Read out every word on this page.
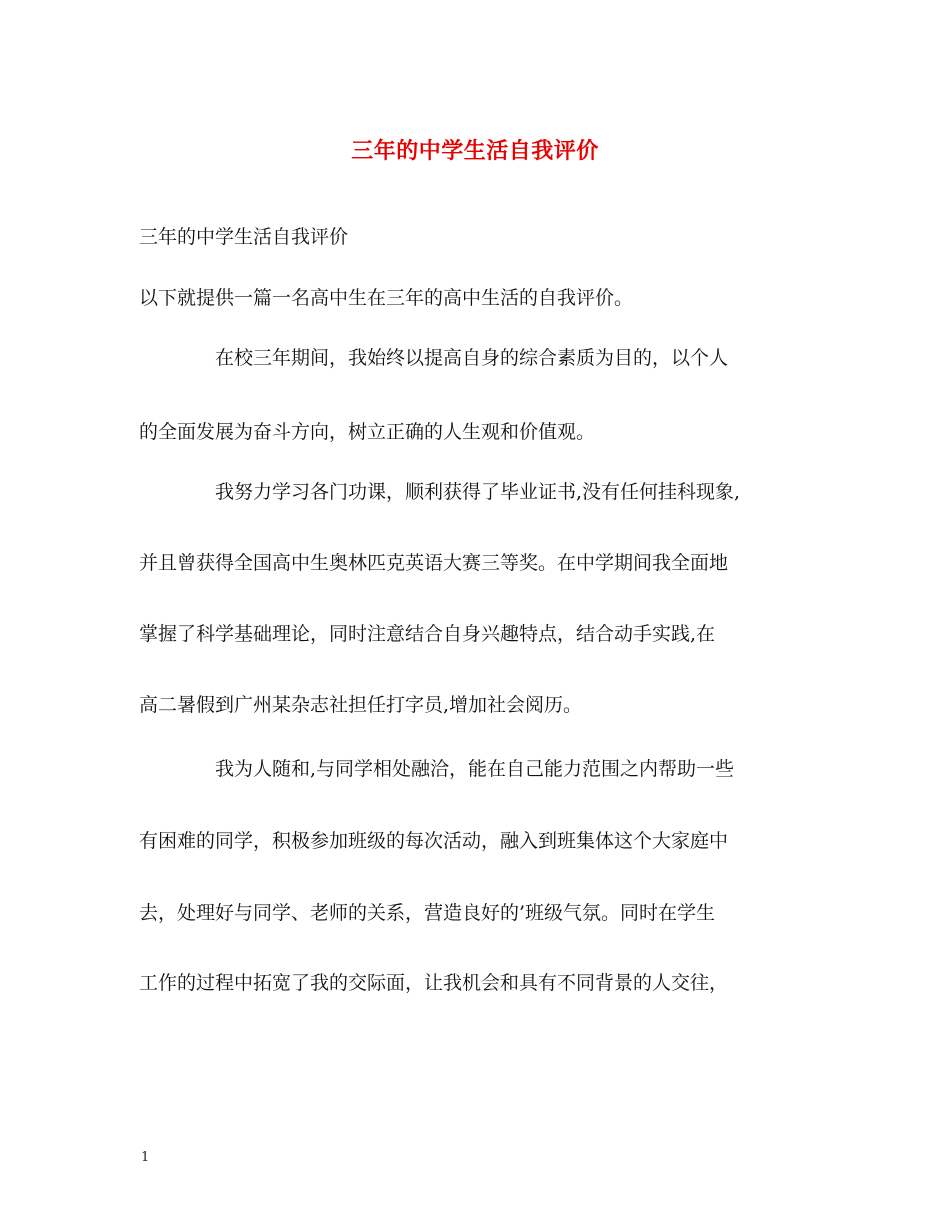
三年的中学生活自我评价
三年的中学生活自我评价
以下就提供一篇一名高中生在三年的高中生活的自我评价。
在校三年期间，我始终以提高自身的综合素质为目的，以个人
的全面发展为奋斗方向，树立正确的人生观和价值观。
我努力学习各门功课，顺利获得了毕业证书,没有任何挂科现象,
并且曾获得全国高中生奥林匹克英语大赛三等奖。在中学期间我全面地
掌握了科学基础理论，同时注意结合自身兴趣特点，结合动手实践,在
高二暑假到广州某杂志社担任打字员,增加社会阅历。
我为人随和,与同学相处融洽，能在自己能力范围之内帮助一些
有困难的同学，积极参加班级的每次活动，融入到班集体这个大家庭中
去，处理好与同学、老师的关系，营造良好的’班级气氛。同时在学生
工作的过程中拓宽了我的交际面，让我机会和具有不同背景的人交往，
1
